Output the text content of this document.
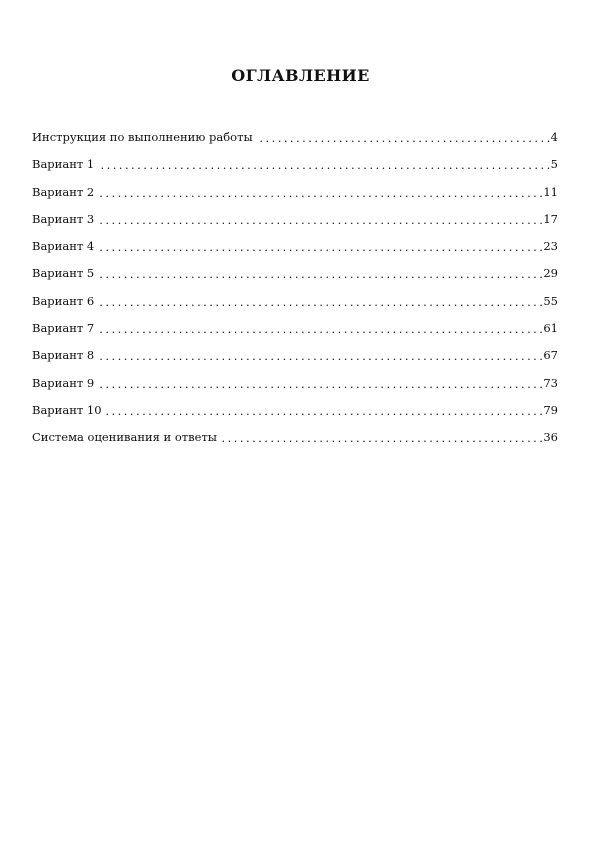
ОГЛАВЛЕНИЕ
Инструкция по выполнению работы . . .	4
Вариант 1 . . .	5
Вариант 2 . . .	11
Вариант 3 . . .	17
Вариант 4 . . .	23
Вариант 5 . . .	29
Вариант 6 . . .	55
Вариант 7 . . .	61
Вариант 8 . . .	67
Вариант 9 . . .	73
Вариант 10 . . .	79
Система оценивания и ответы . . .	36
